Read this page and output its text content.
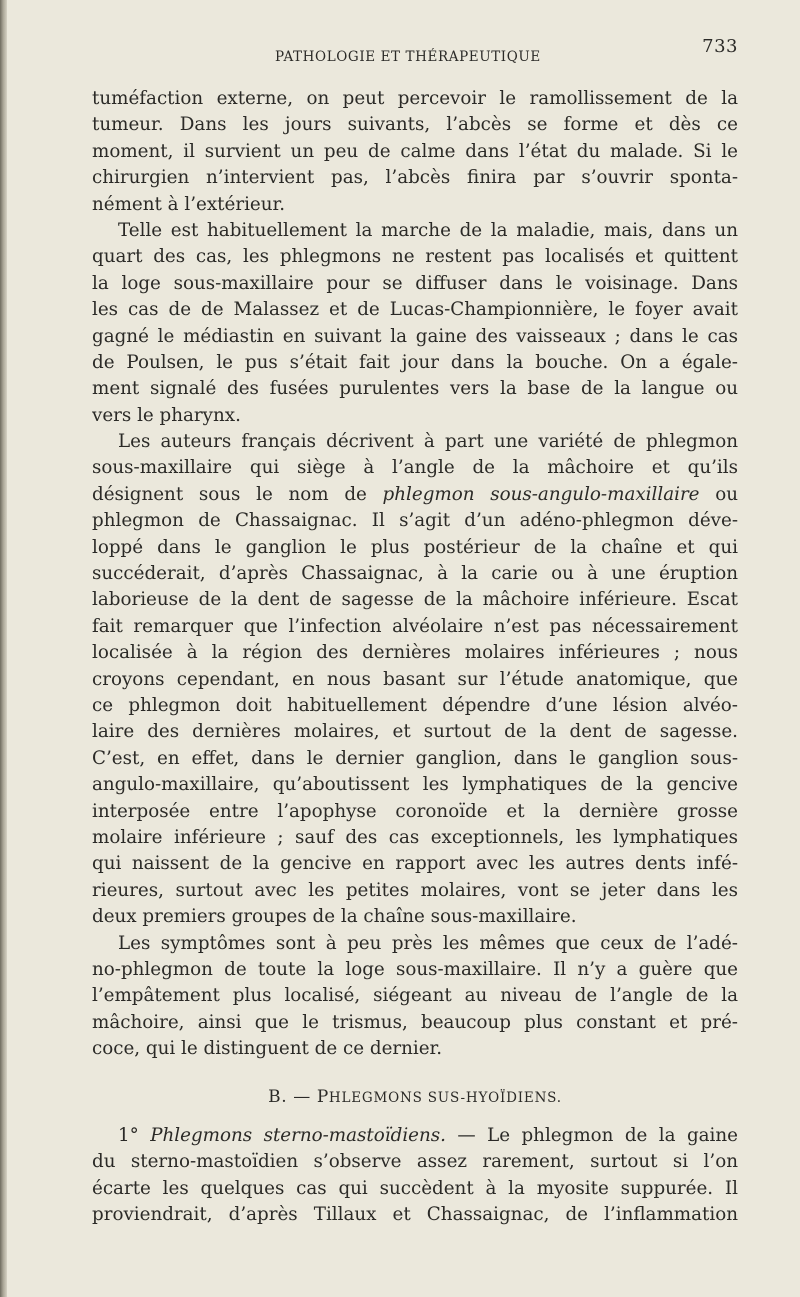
PATHOLOGIE ET THÉRAPEUTIQUE	733
tuméfaction externe, on peut percevoir le ramollissement de la
tumeur. Dans les jours suivants, l’abcès se forme et dès ce
moment, il survient un peu de calme dans l’état du malade. Si le
chirurgien n’intervient pas, l’abcès finira par s’ouvrir sponta-
nément à l’extérieur.
Telle est habituellement la marche de la maladie, mais, dans un
quart des cas, les phlegmons ne restent pas localisés et quittent
la loge sous-maxillaire pour se diffuser dans le voisinage. Dans
les cas de de Malassez et de Lucas-Championnière, le foyer avait
gagné le médiastin en suivant la gaine des vaisseaux ; dans le cas
de Poulsen, le pus s’était fait jour dans la bouche. On a égale-
ment signalé des fusées purulentes vers la base de la langue ou
vers le pharynx.
Les auteurs français décrivent à part une variété de phlegmon
sous-maxillaire qui siège à l’angle de la mâchoire et qu’ils
désignent sous le nom de phlegmon sous-angulo-maxillaire ou
phlegmon de Chassaignac. Il s’agit d’un adéno-phlegmon déve-
loppé dans le ganglion le plus postérieur de la chaîne et qui
succéderait, d’après Chassaignac, à la carie ou à une éruption
laborieuse de la dent de sagesse de la mâchoire inférieure. Escat
fait remarquer que l’infection alvéolaire n’est pas nécessairement
localisée à la région des dernières molaires inférieures ; nous
croyons cependant, en nous basant sur l’étude anatomique, que
ce phlegmon doit habituellement dépendre d’une lésion alvéo-
laire des dernières molaires, et surtout de la dent de sagesse.
C’est, en effet, dans le dernier ganglion, dans le ganglion sous-
angulo-maxillaire, qu’aboutissent les lymphatiques de la gencive
interposée entre l’apophyse coronoïde et la dernière grosse
molaire inférieure ; sauf des cas exceptionnels, les lymphatiques
qui naissent de la gencive en rapport avec les autres dents infé-
rieures, surtout avec les petites molaires, vont se jeter dans les
deux premiers groupes de la chaîne sous-maxillaire.
Les symptômes sont à peu près les mêmes que ceux de l’adé-
no-phlegmon de toute la loge sous-maxillaire. Il n’y a guère que
l’empâtement plus localisé, siégeant au niveau de l’angle de la
mâchoire, ainsi que le trismus, beaucoup plus constant et pré-
coce, qui le distinguent de ce dernier.
B. — PHLEGMONS SUS-HYOÏDIENS.
1° Phlegmons sterno-mastoïdiens. — Le phlegmon de la gaine
du sterno-mastoïdien s’observe assez rarement, surtout si l’on
écarte les quelques cas qui succèdent à la myosite suppurée. Il
proviendrait, d’après Tillaux et Chassaignac, de l’inflammation
